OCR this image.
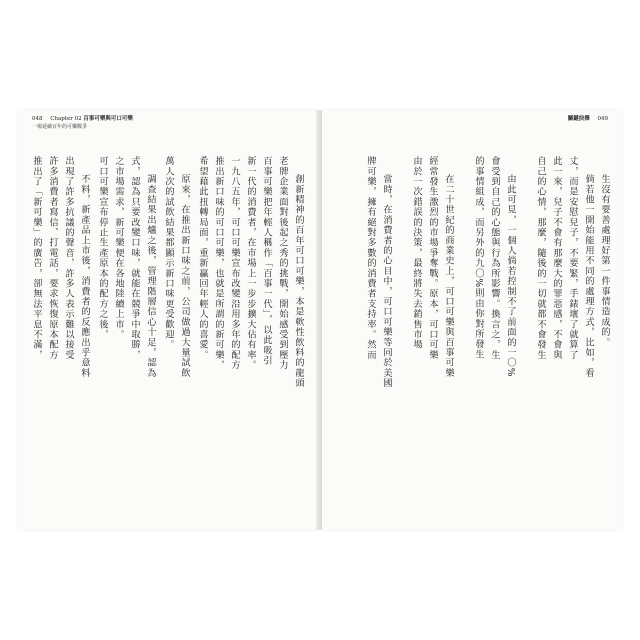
048 Chapter 02 百事可樂與可口可樂
一場延續百年的可樂戰爭
創新精神的百年可口可樂，本是軟性飲料的龍頭
老牌企業面對後起之秀的挑戰，開始感受到壓力
百事可樂把年輕人稱作「百事一代」，以此吸引
新一代的消費者，在市場上一步步擴大佔有率。
一九八五年，可口可樂宣布改變沿用多年的配方
推出新口味的可口可樂，也就是所謂的新可樂，
希望藉此扭轉局面，重新贏回年輕人的喜愛。
原來，在推出新口味之前，公司做過大量試飲
萬人次的試飲結果都顯示新口味更受歡迎。
調查結果出爐之後，管理階層信心十足，認為
式，認為只要改變口味，就能在競爭中取勝，
之市場需求，新可樂便在各地陸續上市。
可口可樂宣布停止生產原本的配方之後，
不料，新產品上市後，消費者的反應出乎意料
出現了許多抗議的聲音，許多人表示難以接受
許多消費者寫信、打電話，要求恢復原本配方
推出了「新可樂」的廣告，卻無法平息不滿，
關鍵抉擇 049
生沒有要善處理好第一件事情造成的。
倘若他一開始能用不同的處理方式，比如，看
丈，而是安慰兒子，不要緊，手錶壞了就算了
此一來，兒子不會有那麼大的罪惡感，不會與
自己的心情，那麼，隨後的一切就都不會發生
由此可見，一個人倘若控制不了前面的一〇%
會受到自己的心態與行為所影響。換言之，生
的事情組成，而另外的九〇%則由你對所發生
在二十世紀的商業史上，可口可樂與百事可樂
經常發生激烈的市場爭奪戰。原本，可口可樂
由於一次錯誤的決策，最終將失去銷售市場
當時，在消費者的心目中，可口可樂等同於美國
牌可樂，擁有絕對多數的消費者支持率。然而
